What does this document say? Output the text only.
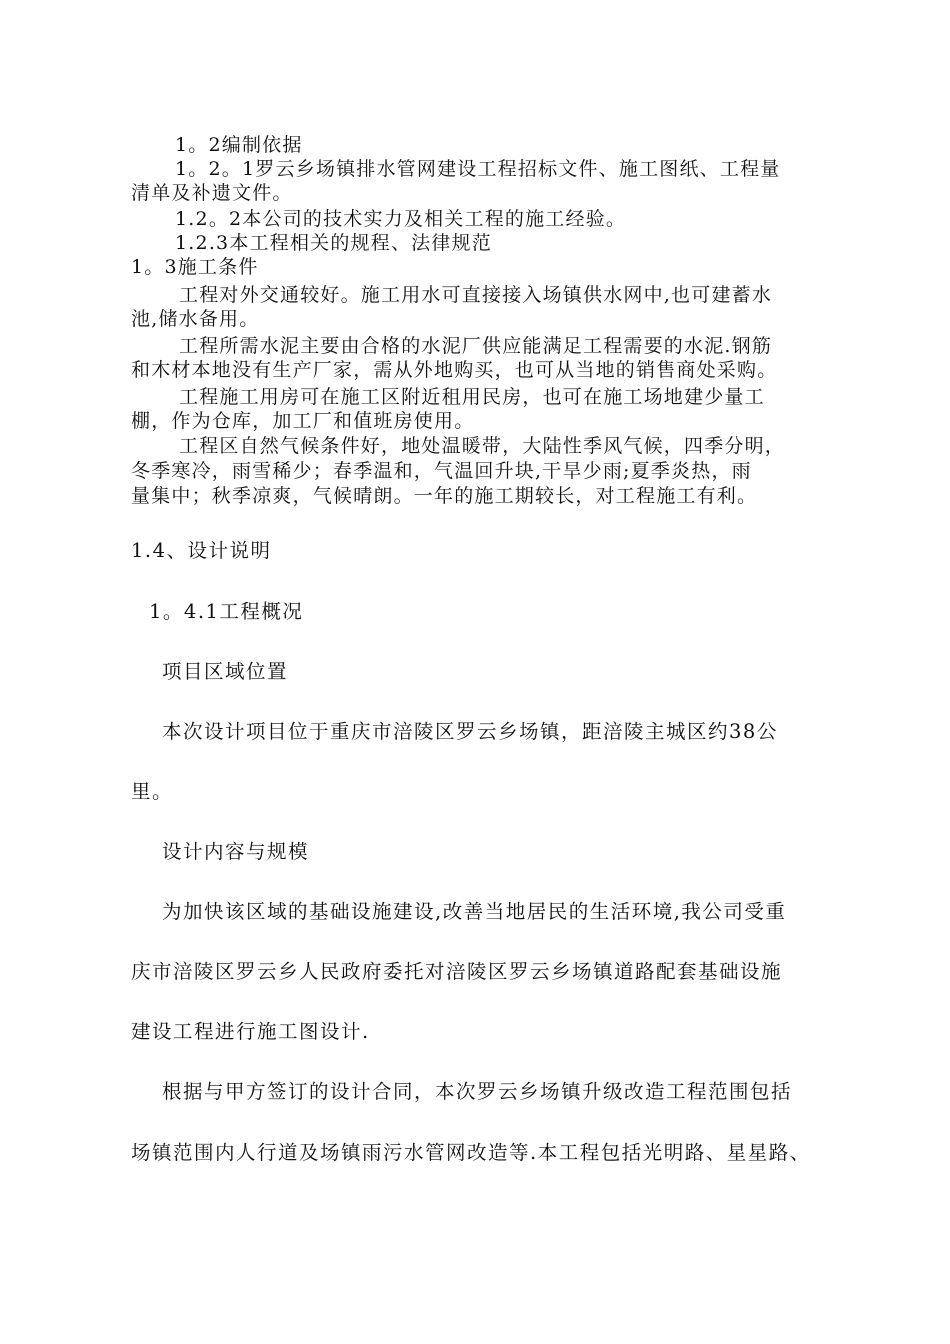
1。2编制依据
1。2。1罗云乡场镇排水管网建设工程招标文件、施工图纸、工程量
清单及补遗文件。
1.2。2本公司的技术实力及相关工程的施工经验。
1.2.3本工程相关的规程、法律规范
1。3施工条件
工程对外交通较好。施工用水可直接接入场镇供水网中,也可建蓄水
池,储水备用。
工程所需水泥主要由合格的水泥厂供应能满足工程需要的水泥.钢筋
和木材本地没有生产厂家，需从外地购买，也可从当地的销售商处采购。
工程施工用房可在施工区附近租用民房，也可在施工场地建少量工
棚，作为仓库，加工厂和值班房使用。
工程区自然气候条件好，地处温暖带，大陆性季风气候，四季分明，
冬季寒冷，雨雪稀少；春季温和，气温回升块,干旱少雨;夏季炎热，雨
量集中；秋季凉爽，气候晴朗。一年的施工期较长，对工程施工有利。
1.4、设计说明
1。4.1工程概况
项目区域位置
本次设计项目位于重庆市涪陵区罗云乡场镇，距涪陵主城区约38公
里。
设计内容与规模
为加快该区域的基础设施建设,改善当地居民的生活环境,我公司受重
庆市涪陵区罗云乡人民政府委托对涪陵区罗云乡场镇道路配套基础设施
建设工程进行施工图设计.
根据与甲方签订的设计合同，本次罗云乡场镇升级改造工程范围包括
场镇范围内人行道及场镇雨污水管网改造等.本工程包括光明路、星星路、
